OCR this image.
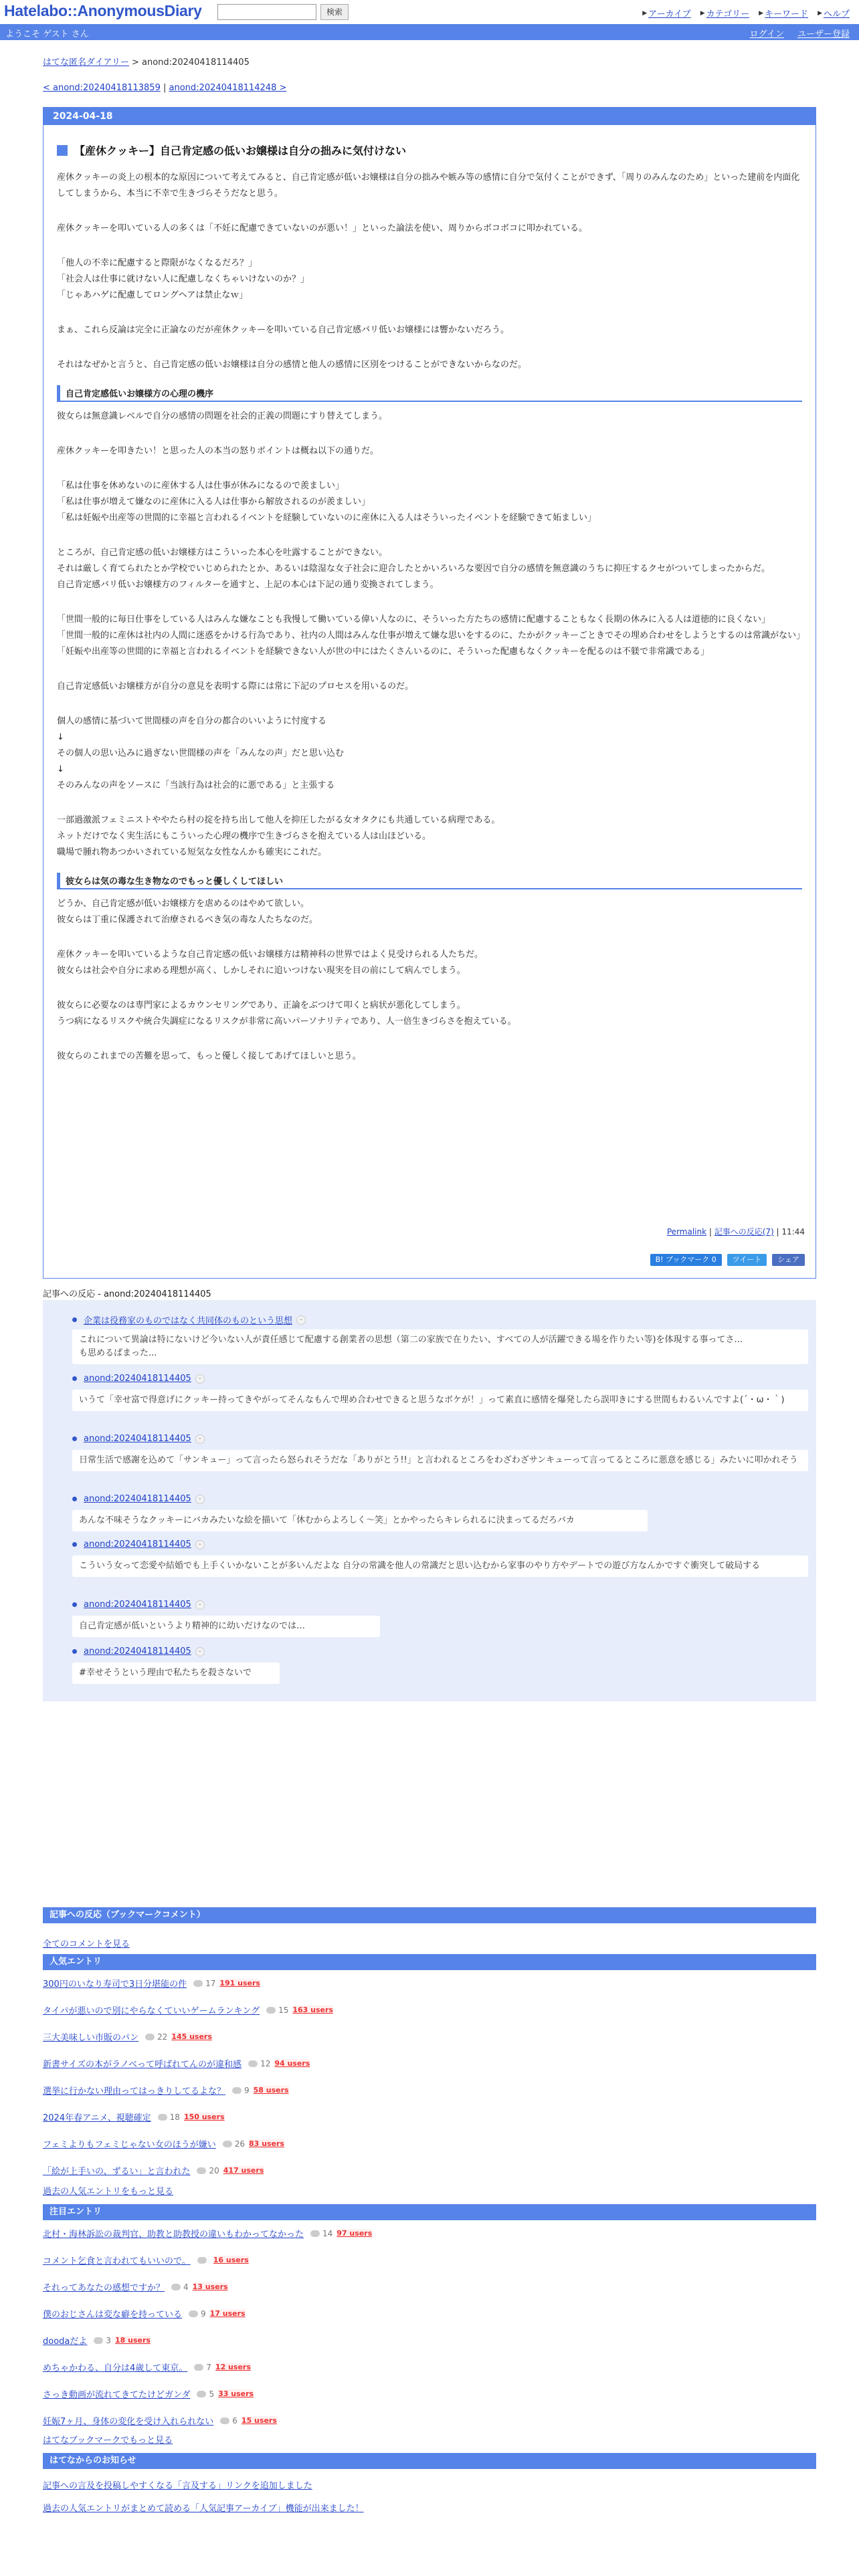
Hatelabo::AnonymousDiary	検索	▶ アーカイブ ▶ カテゴリー ▶ キーワード ▶ ヘルプ
ようこそ ゲスト さん	ログイン ユーザー登録
はてな匿名ダイアリー > anond:20240418114405
< anond:20240418113859 | anond:20240418114248 >
2024-04-18
【産休クッキー】自己肯定感の低いお嬢様は自分の拙みに気付けない

産休クッキーの炎上の根本的な原因について考えてみると、自己肯定感が低いお嬢様は自分の拙みや嫉み等の感情に自分で気付くことができず、「周りのみんなのため」といった建前を内面化してしまうから、本当に不幸で生きづらそうだなと思う。

産休クッキーを叩いている人の多くは「不妊に配慮できていないのが悪い！」といった論法を使い、周りからボコボコに叩かれている。

「他人の不幸に配慮すると際限がなくなるだろ？」

「社会人は仕事に就けない人に配慮しなくちゃいけないのか？」

「じゃあハゲに配慮してロングヘアは禁止なｗ」

まぁ、これら反論は完全に正論なのだが産休クッキーを叩いている自己肯定感バリ低いお嬢様には響かないだろう。

それはなぜかと言うと、自己肯定感の低いお嬢様は自分の感情と他人の感情に区別をつけることができないからなのだ。

自己肯定感低いお嬢様方の心理の機序

彼女らは無意識レベルで自分の感情の問題を社会的正義の問題にすり替えてしまう。

産休クッキーを叩きたい！と思った人の本当の怒りポイントは概ね以下の通りだ。

「私は仕事を休めないのに産休する人は仕事が休みになるので羨ましい」

「私は仕事が増えて嫌なのに産休に入る人は仕事から解放されるのが羨ましい」

「私は妊娠や出産等の世間的に幸福と言われるイベントを経験していないのに産休に入る人はそういったイベントを経験できて妬ましい」

ところが、自己肯定感の低いお嬢様方はこういった本心を吐露することができない。

それは厳しく育てられたとか学校でいじめられたとか、あるいは陰湿な女子社会に迎合したとかいろいろな要因で自分の感情を無意識のうちに抑圧するクセがついてしまったからだ。

自己肯定感バリ低いお嬢様方のフィルターを通すと、上記の本心は下記の通り変換されてしまう。

「世間一般的に毎日仕事をしている人はみんな嫌なことも我慢して働いている偉い人なのに、そういった方たちの感情に配慮することもなく長期の休みに入る人は道徳的に良くない」

「世間一般的に産休は社内の人間に迷惑をかける行為であり、社内の人間はみんな仕事が増えて嫌な思いをするのに、たかがクッキーごときでその埋め合わせをしようとするのは常識がない」

「妊娠や出産等の世間的に幸福と言われるイベントを経験できない人が世の中にはたくさんいるのに、そういった配慮もなくクッキーを配るのは不躾で非常識である」

自己肯定感低いお嬢様方が自分の意見を表明する際には常に下記のプロセスを用いるのだ。

個人の感情に基づいて世間様の声を自分の都合のいいように忖度する

↓

その個人の思い込みに過ぎない世間様の声を「みんなの声」だと思い込む

↓

そのみんなの声をソースに「当該行為は社会的に悪である」と主張する

一部過激派フェミニストややたら村の掟を持ち出して他人を抑圧したがる女オタクにも共通している病理である。

ネットだけでなく実生活にもこういった心理の機序で生きづらさを抱えている人は山ほどいる。

職場で腫れ物あつかいされている短気な女性なんかも確実にこれだ。

彼女らは気の毒な生き物なのでもっと優しくしてほしい

どうか、自己肯定感が低いお嬢様方を虐めるのはやめて欲しい。

彼女らは丁重に保護されて治療されるべき気の毒な人たちなのだ。

産休クッキーを叩いているような自己肯定感の低いお嬢様方は精神科の世界ではよく見受けられる人たちだ。

彼女らは社会や自分に求める理想が高く、しかしそれに追いつけない現実を目の前にして病んでしまう。

彼女らに必要なのは専門家によるカウンセリングであり、正論をぶつけて叩くと病状が悪化してしまう。

うつ病になるリスクや統合失調症になるリスクが非常に高いパーソナリティであり、人一倍生きづらさを抱えている。

彼女らのこれまでの苦難を思って、もっと優しく接してあげてほしいと思う。

Permalink | 記事への反応(7) | 11:44
B! ブックマーク 0	ツイート	シェア
記事への反応 - anond:20240418114405
企業は役務家のものではなく共同体のものという思想	-
これについて異論は特にないけど今いない人が責任感じて配慮する創業者の思想（第二の家族で在りたい、すべての人が活躍できる場を作りたい等)を体現する事ってさ...
も思めるぱまった...
anond:20240418114405	-
いうて「幸せ富で得意げにクッキー持ってきやがってそんなもんで埋め合わせできると思うなボケが！」って素直に感情を爆発したら誤叩きにする世間もわるいんですよ(´・ω・｀)
anond:20240418114405	-
日常生活で感謝を込めて「サンキュー」って言ったら怒られそうだな「ありがとう!!」と言われるところをわざわざサンキューって言ってるところに悪意を感じる」みたいに叩かれそう
anond:20240418114405	-
あんな不味そうなクッキーにバカみたいな絵を描いて「休むからよろしく～笑」とかやったらキレられるに決まってるだろバカ
anond:20240418114405	-
こういう女って恋愛や結婚でも上手くいかないことが多いんだよな 自分の常識を他人の常識だと思い込むから家事のやり方やデートでの遊び方なんかですぐ衝突して破局する
anond:20240418114405	-
自己肯定感が低いというより精神的に幼いだけなのでは…
anond:20240418114405	-
#幸せそうという理由で私たちを殺さないで
記事への反応（ブックマークコメント）
全てのコメントを見る
人気エントリ
300円のいなり寿司で3日分堪能の件 17 191 users
タイパが悪いので別にやらなくていいゲームランキング 15 163 users
三大美味しい市販のパン 22 145 users
新書サイズの本がラノベって呼ばれてんのが違和感 12 94 users
選挙に行かない理由ってはっきりしてるよな？ 9 58 users
2024年春アニメ、視聴確定 18 150 users
フェミよりもフェミじゃない女のほうが嫌い 26 83 users
「絵が上手いの、ずるい」と言われた 20 417 users
過去の人気エントリをもっと見る
注目エントリ
北村・海林訴訟の裁判官、助教と助教授の違いもわかってなかった 14 97 users
コメント乞食と言われてもいいので。	16 users
それってあなたの感想ですか？ 4 13 users
僕のおじさんは変な癖を持っている 9 17 users
doodaだよ 3 18 users
めちゃかわる、自分は4歳して東京。 7 12 users
さっき動画が流れてきてたけどガンダ 5 33 users
妊娠7ヶ月、身体の変化を受け入れられない 6 15 users
はてなブックマークでもっと見る
はてなからのお知らせ
記事への言及を投稿しやすくなる「言及する」リンクを追加しました
過去の人気エントリがまとめて読める「人気記事アーカイブ」機能が出来ました！
